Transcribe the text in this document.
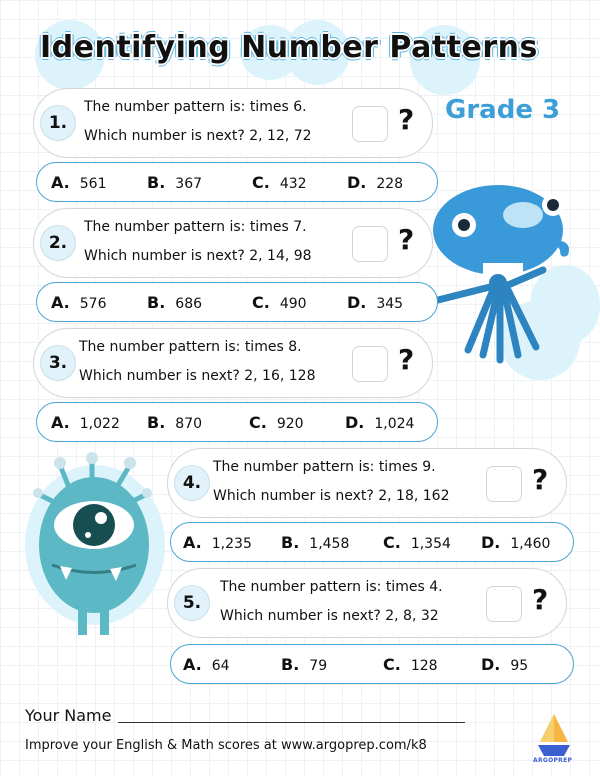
Identifying Number Patterns
Grade 3
1.
The number pattern is: times 6.
Which number is next? 2, 12, 72	?
A. 561	B. 367	C. 432	D. 228
2.
The number pattern is: times 7.
Which number is next? 2, 14, 98	?
A. 576	B. 686	C. 490	D. 345
3.
The number pattern is: times 8.
Which number is next? 2, 16, 128	?
A. 1,022 B. 870	C. 920	D. 1,024
4.
The number pattern is: times 9.
Which number is next? 2, 18, 162	?
A. 1,235 B. 1,458 C. 1,354 D. 1,460
5.
The number pattern is: times 4.
Which number is next? 2, 8, 32	?
A. 64	B. 79	C. 128	D. 95
Your Name
Improve your English & Math scores at www.argoprep.com/k8
ARGOPREP
